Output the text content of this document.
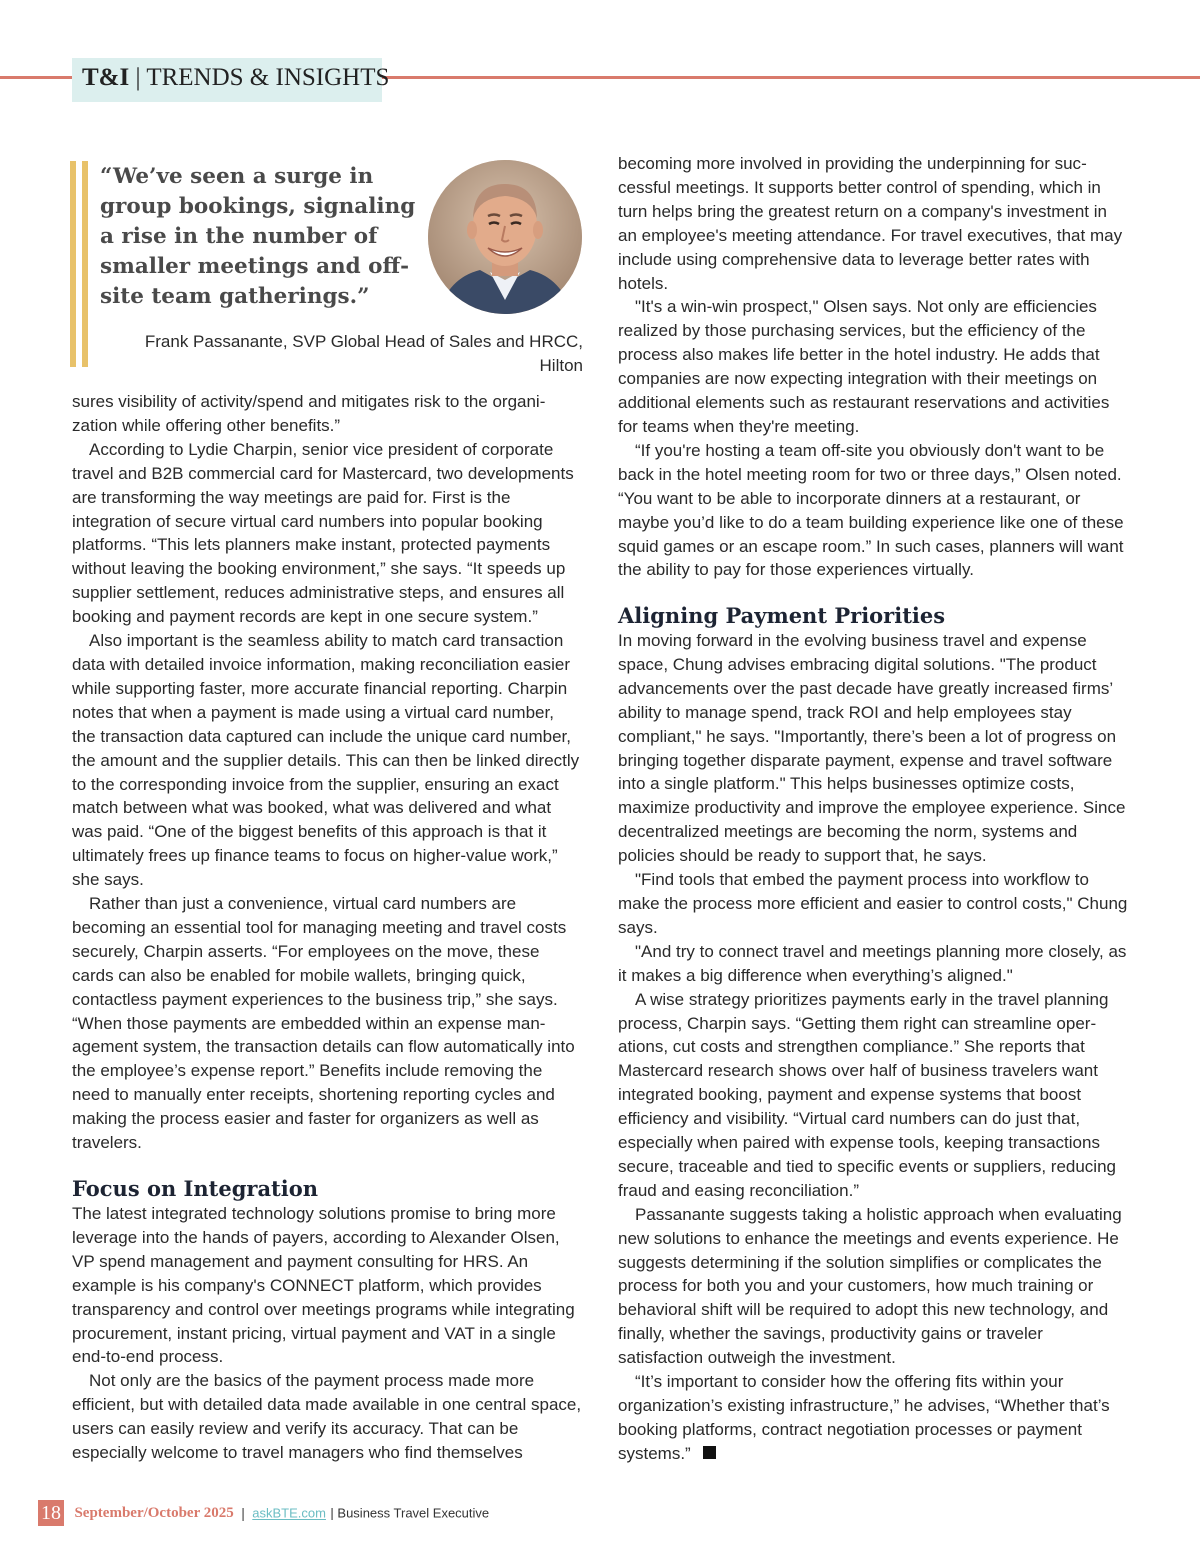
T&I | TRENDS & INSIGHTS

“We’ve seen a surge in group bookings, signaling a rise in the number of smaller meetings and off-site team gatherings.”

Frank Passanante, SVP Global Head of Sales and HRCC,
Hilton

sures visibility of activity/spend and mitigates risk to the organization while offering other benefits.”

According to Lydie Charpin, senior vice president of corporate travel and B2B commercial card for Mastercard, two developments are transforming the way meetings are paid for. First is the integration of secure virtual card numbers into popular booking platforms. “This lets planners make instant, protected payments without leaving the booking environment,” she says. “It speeds up supplier settlement, reduces administrative steps, and ensures all booking and payment records are kept in one secure system.”

Also important is the seamless ability to match card transaction data with detailed invoice information, making reconciliation easier while supporting faster, more accurate financial reporting. Charpin notes that when a payment is made using a virtual card number, the transaction data captured can include the unique card number, the amount and the supplier details. This can then be linked directly to the corresponding invoice from the supplier, ensuring an exact match between what was booked, what was delivered and what was paid. “One of the biggest benefits of this approach is that it ultimately frees up finance teams to focus on higher-value work,” she says.

Rather than just a convenience, virtual card numbers are becoming an essential tool for managing meeting and travel costs securely, Charpin asserts. “For employees on the move, these cards can also be enabled for mobile wallets, bringing quick, contactless payment experiences to the business trip,” she says. “When those payments are embedded within an expense management system, the transaction details can flow automatically into the employee’s expense report.” Benefits include removing the need to manually enter receipts, shortening reporting cycles and making the process easier and faster for organizers as well as travelers.

Focus on Integration

The latest integrated technology solutions promise to bring more leverage into the hands of payers, according to Alexander Olsen, VP spend management and payment consulting for HRS. An example is his company's CONNECT platform, which provides transparency and control over meetings programs while integrating procurement, instant pricing, virtual payment and VAT in a single end-to-end process.

Not only are the basics of the payment process made more efficient, but with detailed data made available in one central space, users can easily review and verify its accuracy. That can be especially welcome to travel managers who find themselves

becoming more involved in providing the underpinning for successful meetings. It supports better control of spending, which in turn helps bring the greatest return on a company's investment in an employee's meeting attendance. For travel executives, that may include using comprehensive data to leverage better rates with hotels.

"It's a win-win prospect," Olsen says. Not only are efficiencies realized by those purchasing services, but the efficiency of the process also makes life better in the hotel industry. He adds that companies are now expecting integration with their meetings on additional elements such as restaurant reservations and activities for teams when they're meeting.

“If you're hosting a team off-site you obviously don't want to be back in the hotel meeting room for two or three days,” Olsen noted. “You want to be able to incorporate dinners at a restaurant, or maybe you’d like to do a team building experience like one of these squid games or an escape room.” In such cases, planners will want the ability to pay for those experiences virtually.

Aligning Payment Priorities

In moving forward in the evolving business travel and expense space, Chung advises embracing digital solutions. "The product advancements over the past decade have greatly increased firms’ ability to manage spend, track ROI and help employees stay compliant," he says. "Importantly, there’s been a lot of progress on bringing together disparate payment, expense and travel software into a single platform." This helps businesses optimize costs, maximize productivity and improve the employee experience. Since decentralized meetings are becoming the norm, systems and policies should be ready to support that, he says.

"Find tools that embed the payment process into workflow to make the process more efficient and easier to control costs," Chung says.

"And try to connect travel and meetings planning more closely, as it makes a big difference when everything’s aligned."

A wise strategy prioritizes payments early in the travel planning process, Charpin says. “Getting them right can streamline operations, cut costs and strengthen compliance.” She reports that Mastercard research shows over half of business travelers want integrated booking, payment and expense systems that boost efficiency and visibility. “Virtual card numbers can do just that, especially when paired with expense tools, keeping transactions secure, traceable and tied to specific events or suppliers, reducing fraud and easing reconciliation.”

Passanante suggests taking a holistic approach when evaluating new solutions to enhance the meetings and events experience. He suggests determining if the solution simplifies or complicates the process for both you and your customers, how much training or behavioral shift will be required to adopt this new technology, and finally, whether the savings, productivity gains or traveler satisfaction outweigh the investment.

“It’s important to consider how the offering fits within your organization’s existing infrastructure,” he advises, “Whether that’s booking platforms, contract negotiation processes or payment systems.”

18 September/October 2025 | askBTE.com | Business Travel Executive
